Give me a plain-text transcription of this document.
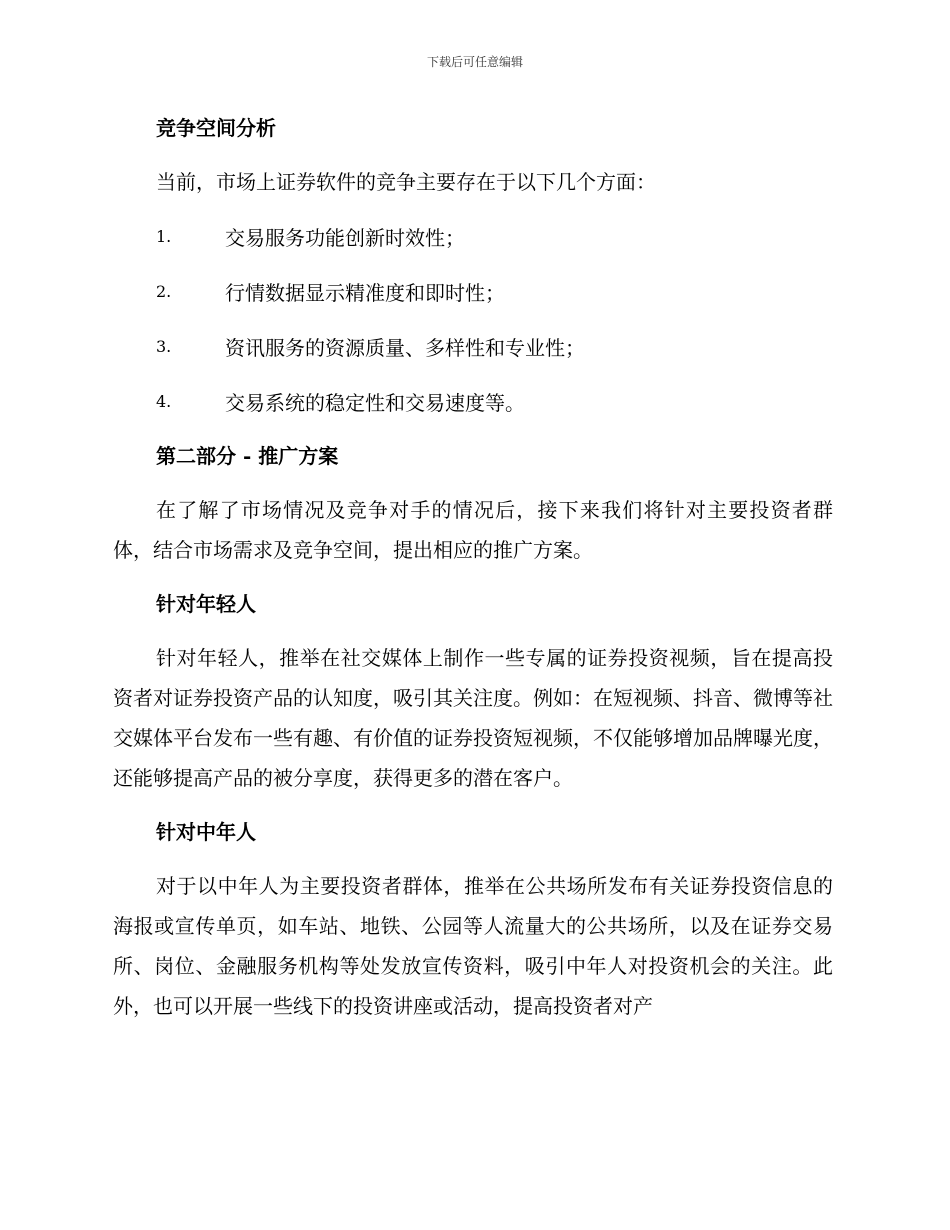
下载后可任意编辑
竞争空间分析
当前，市场上证券软件的竞争主要存在于以下几个方面：
1.	交易服务功能创新时效性；
2.	行情数据显示精准度和即时性；
3.	资讯服务的资源质量、多样性和专业性；
4.	交易系统的稳定性和交易速度等。
第二部分 - 推广方案

在了解了市场情况及竞争对手的情况后，接下来我们将针对主要投资者群体，结合市场需求及竞争空间，提出相应的推广方案。

针对年轻人

针对年轻人，推举在社交媒体上制作一些专属的证券投资视频，旨在提高投资者对证券投资产品的认知度，吸引其关注度。例如：在短视频、抖音、微博等社交媒体平台发布一些有趣、有价值的证券投资短视频，不仅能够增加品牌曝光度，还能够提高产品的被分享度，获得更多的潜在客户。

针对中年人

对于以中年人为主要投资者群体，推举在公共场所发布有关证券投资信息的海报或宣传单页，如车站、地铁、公园等人流量大的公共场所，以及在证券交易所、岗位、金融服务机构等处发放宣传资料，吸引中年人对投资机会的关注。此外，也可以开展一些线下的投资讲座或活动，提高投资者对产
